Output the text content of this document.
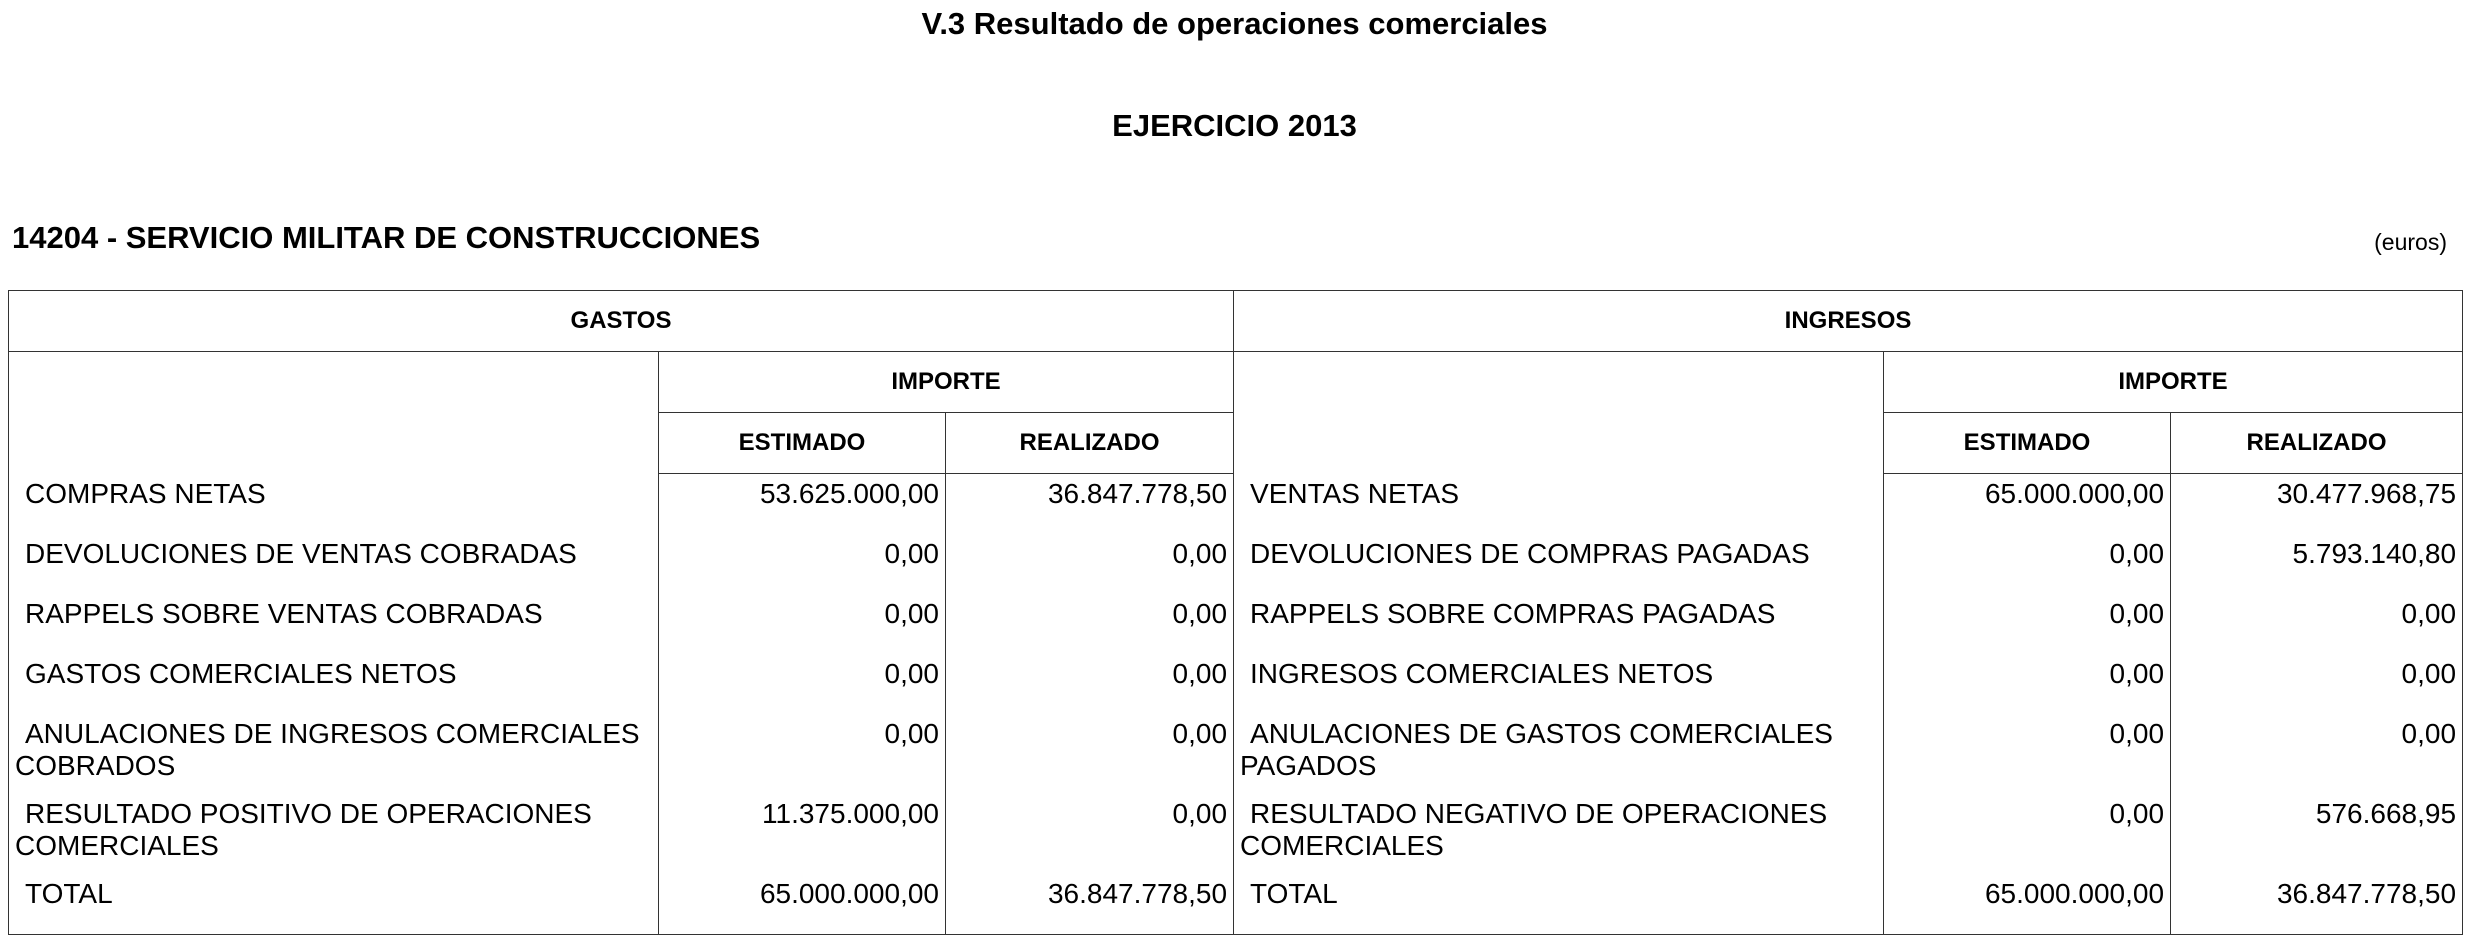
V.3 Resultado de operaciones comerciales
EJERCICIO 2013
14204 - SERVICIO MILITAR DE CONSTRUCCIONES	(euros)
GASTOS			INGRESOS		
	IMPORTE			IMPORTE	
	ESTIMADO	REALIZADO		ESTIMADO	REALIZADO

COMPRAS NETAS	53.625.000,00	36.847.778,50	VENTAS NETAS	65.000.000,00	30.477.968,75

DEVOLUCIONES DE VENTAS COBRADAS	0,00	0,00	DEVOLUCIONES DE COMPRAS PAGADAS	0,00	5.793.140,80

RAPPELS SOBRE VENTAS COBRADAS	0,00	0,00	RAPPELS SOBRE COMPRAS PAGADAS	0,00	0,00

GASTOS COMERCIALES NETOS	0,00	0,00	INGRESOS COMERCIALES NETOS	0,00	0,00

ANULACIONES DE INGRESOS COMERCIALES COBRADOS	0,00	0,00	ANULACIONES DE GASTOS COMERCIALES PAGADOS	0,00	0,00

RESULTADO POSITIVO DE OPERACIONES COMERCIALES	11.375.000,00	0,00	RESULTADO NEGATIVO DE OPERACIONES COMERCIALES	0,00	576.668,95

TOTAL	65.000.000,00	36.847.778,50	TOTAL	65.000.000,00	36.847.778,50
